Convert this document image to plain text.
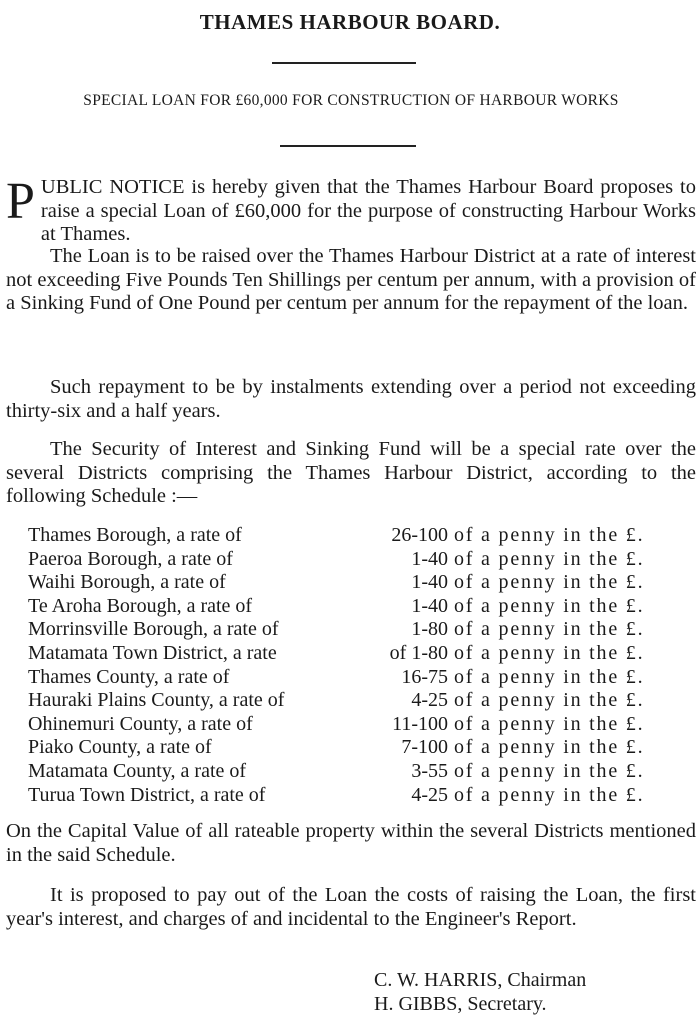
THAMES HARBOUR BOARD.
SPECIAL LOAN FOR £60,000 FOR CONSTRUCTION OF HARBOUR WORKS
P UBLIC NOTICE is hereby given that the Thames Harbour Board proposes to raise a special Loan of £60,000 for the purpose of constructing Harbour Works at Thames.

The Loan is to be raised over the Thames Harbour District at a rate of interest not exceeding Five Pounds Ten Shillings per centum per annum, with a provision of a Sinking Fund of One Pound per centum per annum for the repayment of the loan.

Such repayment to be by instalments extending over a period not exceeding thirty-six and a half years.

The Security of Interest and Sinking Fund will be a special rate over the several Districts comprising the Thames Harbour District, according to the following Schedule :—

Thames Borough, a rate of	26-100 of a penny in the £.
Paeroa Borough, a rate of	1-40 of a penny in the £.
Waihi Borough, a rate of	1-40 of a penny in the £.
Te Aroha Borough, a rate of	1-40 of a penny in the £.
Morrinsville Borough, a rate of	1-80 of a penny in the £.
Matamata Town District, a rate	of 1-80 of a penny in the £.
Thames County, a rate of	16-75 of a penny in the £.
Hauraki Plains County, a rate of	4-25 of a penny in the £.
Ohinemuri County, a rate of	11-100 of a penny in the £.
Piako County, a rate of	7-100 of a penny in the £.
Matamata County, a rate of	3-55 of a penny in the £.
Turua Town District, a rate of	4-25 of a penny in the £.

On the Capital Value of all rateable property within the several Districts mentioned in the said Schedule.

It is proposed to pay out of the Loan the costs of raising the Loan, the first year's interest, and charges of and incidental to the Engineer's Report.

C. W. HARRIS, Chairman
H. GIBBS, Secretary.
